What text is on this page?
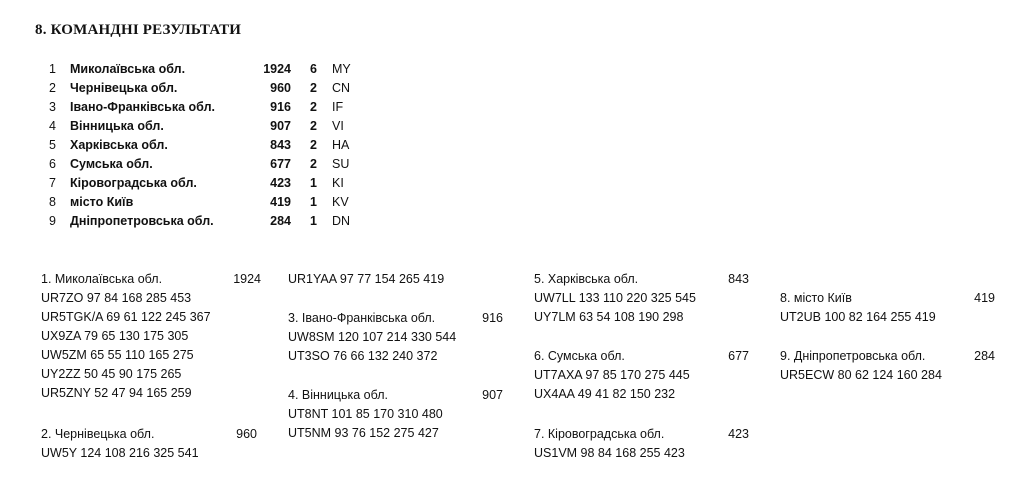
8. КОМАНДНІ РЕЗУЛЬТАТИ
1 Миколаївська обл.	1924	6 MY
2 Чернівецька обл.	960	2 CN
3 Івано-Франківська обл.	916	2 IF
4 Вінницька обл.	907	2 VI
5 Харківська обл.	843	2 HA
6 Сумська обл.	677	2 SU
7 Кіровоградська обл.	423	1 KI
8 місто Київ	419	1 KV
9 Дніпропетровська обл.	284	1 DN
1. Миколаївська обл.	1924
UR7ZO 97 84 168 285 453
UR5TGK/A 69 61 122 245 367
UX9ZA 79 65 130 175 305
UW5ZM 65 55 110 165 275
UY2ZZ 50 45 90 175 265
UR5ZNY 52 47 94 165 259
2. Чернівецька обл.	960
UW5Y 124 108 216 325 541
UR1YAA 97 77 154 265 419
3. Івано-Франківська обл.	916
UW8SM 120 107 214 330 544
UT3SO 76 66 132 240 372
4. Вінницька обл.	907
UT8NT 101 85 170 310 480
UT5NM 93 76 152 275 427
5. Харківська обл.	843
UW7LL 133 110 220 325 545
UY7LM 63 54 108 190 298
6. Сумська обл.	677
UT7AXA 97 85 170 275 445
UX4AA 49 41 82 150 232
7. Кіровоградська обл.	423
US1VM 98 84 168 255 423
8. місто Київ	419
UT2UB 100 82 164 255 419
9. Дніпропетровська обл.	284
UR5ECW 80 62 124 160 284
